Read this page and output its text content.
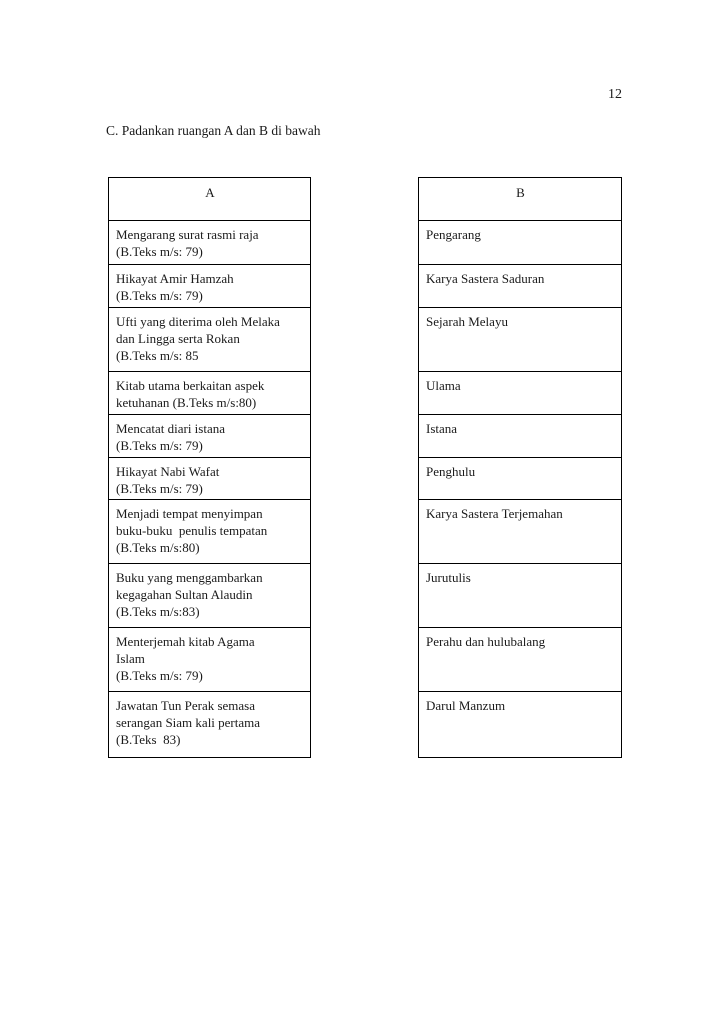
12
C. Padankan ruangan A dan B di bawah
A
Mengarang surat rasmi raja
(B.Teks m/s: 79)
Hikayat Amir Hamzah
(B.Teks m/s: 79)
Ufti yang diterima oleh Melaka
dan Lingga serta Rokan
(B.Teks m/s: 85
Kitab utama berkaitan aspek
ketuhanan (B.Teks m/s:80)
Mencatat diari istana
(B.Teks m/s: 79)
Hikayat Nabi Wafat
(B.Teks m/s: 79)
Menjadi tempat menyimpan
buku-buku  penulis tempatan
(B.Teks m/s:80)
Buku yang menggambarkan
kegagahan Sultan Alaudin
(B.Teks m/s:83)
Menterjemah kitab Agama
Islam
(B.Teks m/s: 79)
Jawatan Tun Perak semasa
serangan Siam kali pertama
(B.Teks  83)
B
Pengarang
Karya Sastera Saduran
Sejarah Melayu
Ulama
Istana
Penghulu
Karya Sastera Terjemahan
Jurutulis
Perahu dan hulubalang
Darul Manzum
